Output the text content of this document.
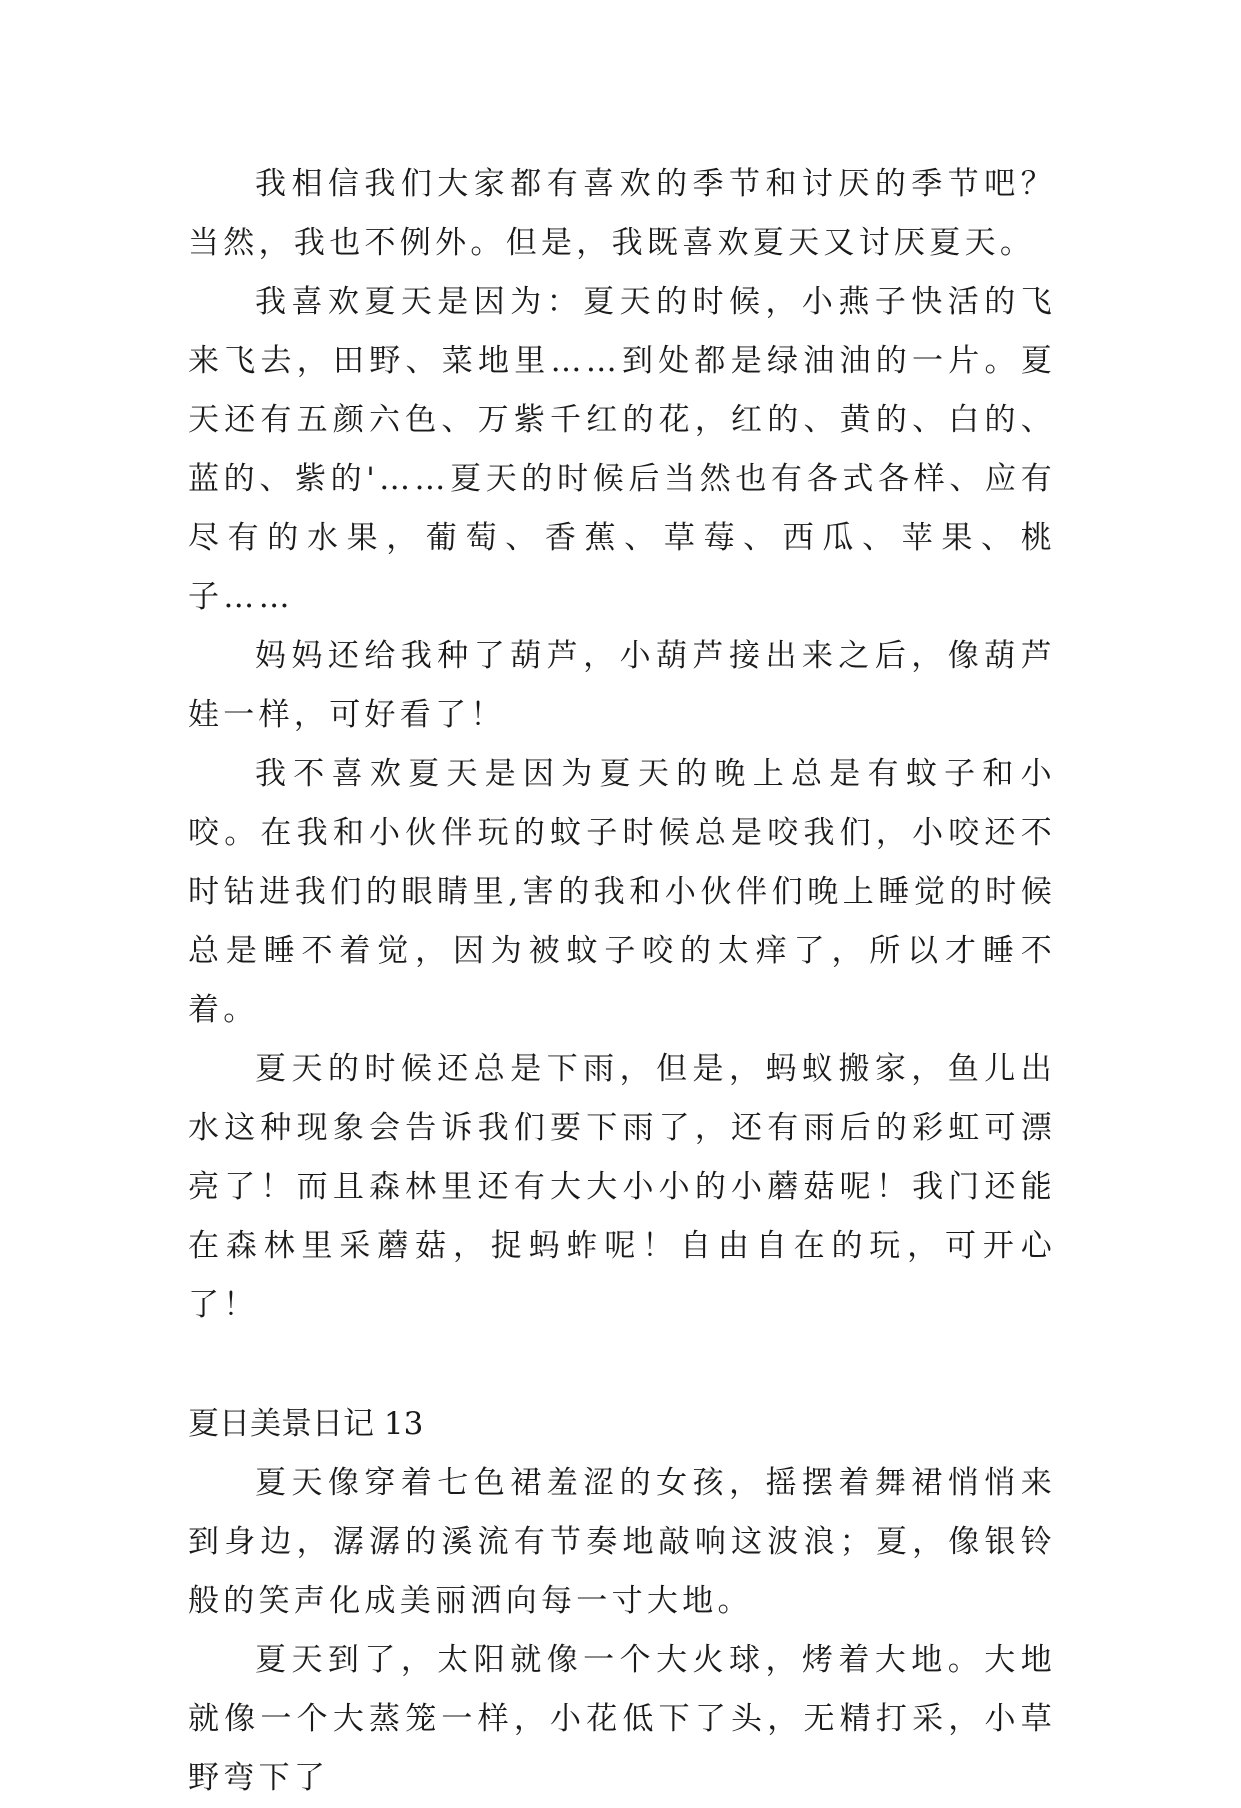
我相信我们大家都有喜欢的季节和讨厌的季节吧？当然，我也不例外。但是，我既喜欢夏天又讨厌夏天。

我喜欢夏天是因为：夏天的时候，小燕子快活的飞来飞去，田野、菜地里……到处都是绿油油的一片。夏天还有五颜六色、万紫千红的花，红的、黄的、白的、蓝的、紫的'……夏天的时候后当然也有各式各样、应有尽有的水果，葡萄、香蕉、草莓、西瓜、苹果、桃子……

妈妈还给我种了葫芦，小葫芦接出来之后，像葫芦娃一样，可好看了！

我不喜欢夏天是因为夏天的晚上总是有蚊子和小咬。在我和小伙伴玩的蚊子时候总是咬我们，小咬还不时钻进我们的眼睛里,害的我和小伙伴们晚上睡觉的时候总是睡不着觉，因为被蚊子咬的太痒了，所以才睡不着。

夏天的时候还总是下雨，但是，蚂蚁搬家，鱼儿出水这种现象会告诉我们要下雨了，还有雨后的彩虹可漂亮了！而且森林里还有大大小小的小蘑菇呢！我门还能在森林里采蘑菇，捉蚂蚱呢！自由自在的玩，可开心了！

夏日美景日记 13

夏天像穿着七色裙羞涩的女孩，摇摆着舞裙悄悄来到身边，潺潺的溪流有节奏地敲响这波浪；夏，像银铃般的笑声化成美丽洒向每一寸大地。

夏天到了，太阳就像一个大火球，烤着大地。大地就像一个大蒸笼一样，小花低下了头，无精打采，小草野弯下了
